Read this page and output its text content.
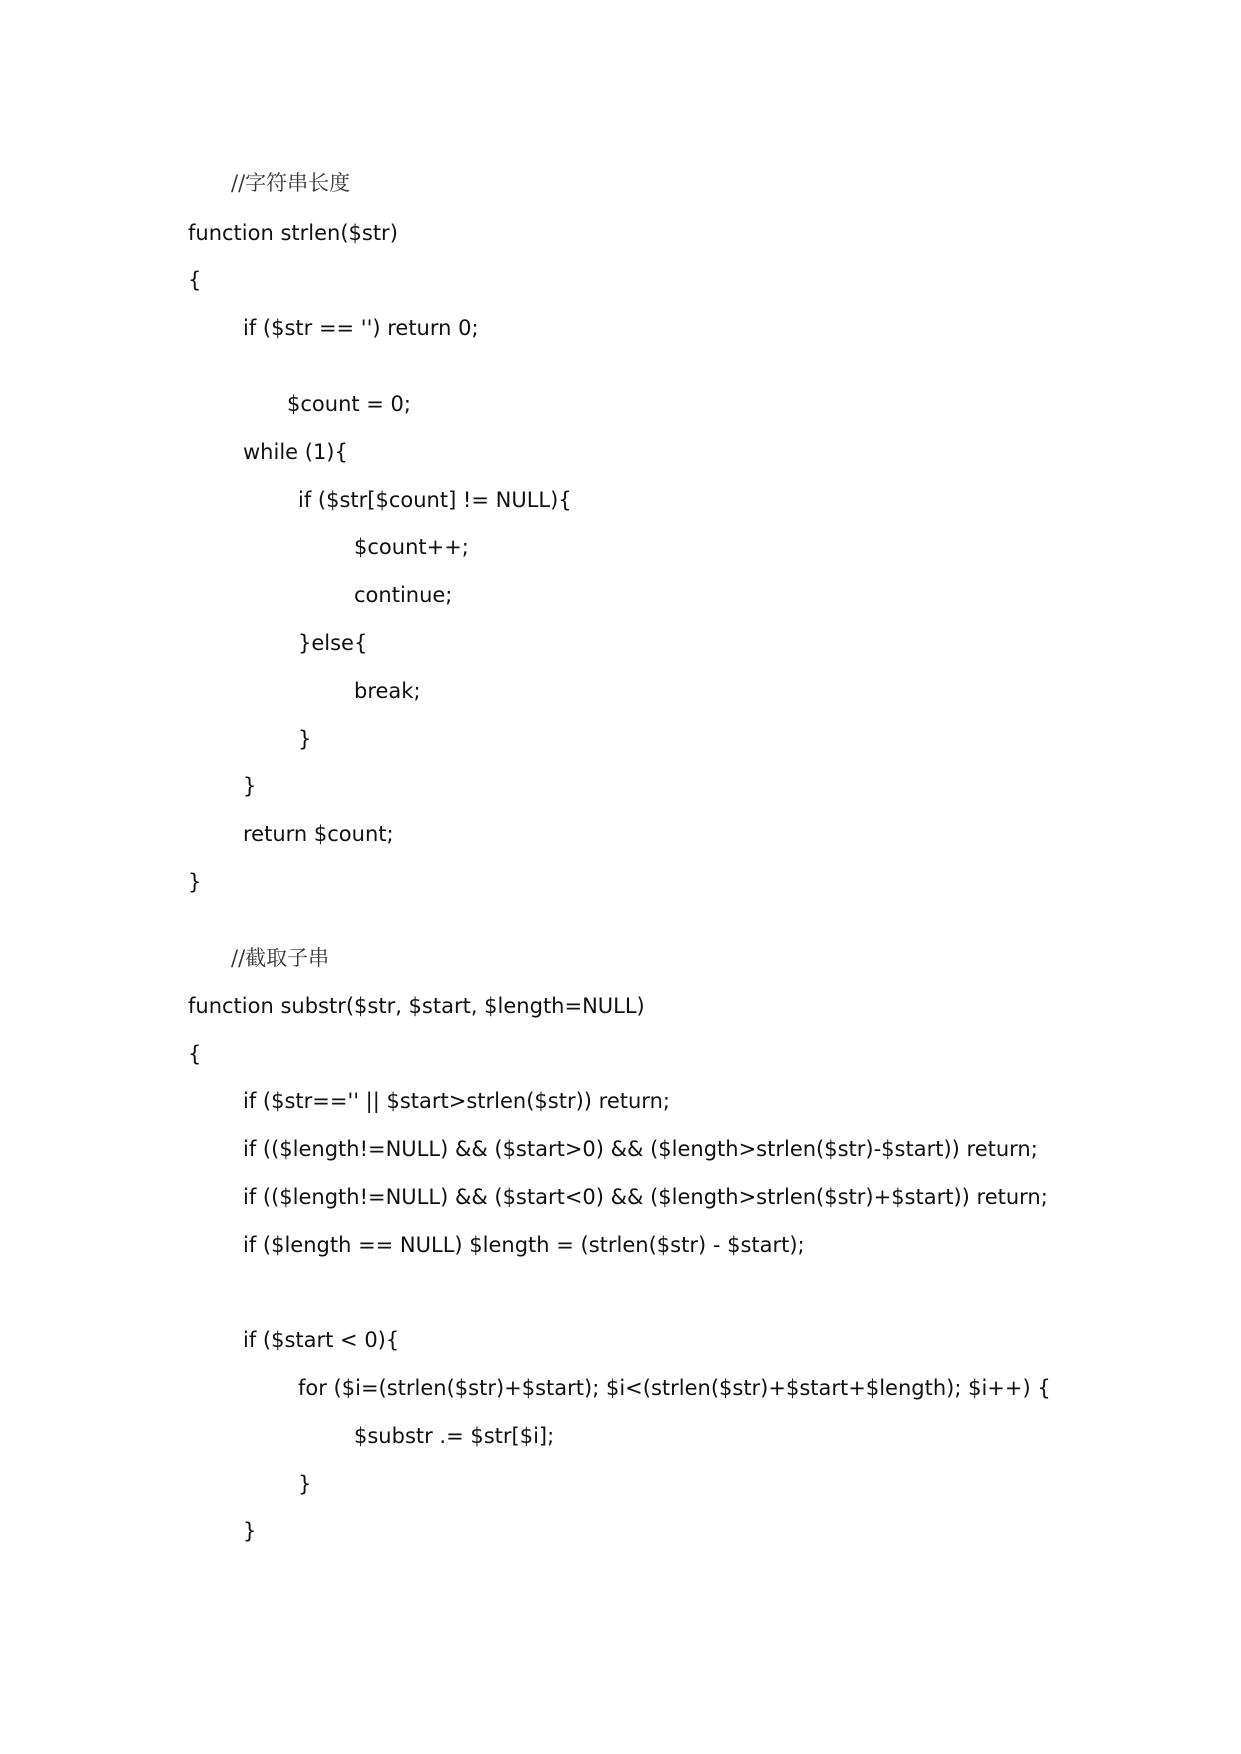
//字符串长度
function strlen($str)
{
if ($str == '') return 0;
$count = 0;
while (1){
if ($str[$count] != NULL){
$count++;
continue;
}else{
break;
}
}
return $count;
}
//截取子串
function substr($str, $start, $length=NULL)
{
if ($str=='' || $start>strlen($str)) return;
if (($length!=NULL) && ($start>0) && ($length>strlen($str)-$start)) return;
if (($length!=NULL) && ($start<0) && ($length>strlen($str)+$start)) return;
if ($length == NULL) $length = (strlen($str) - $start);
if ($start < 0){
for ($i=(strlen($str)+$start); $i<(strlen($str)+$start+$length); $i++) {
$substr .= $str[$i];
}
}
